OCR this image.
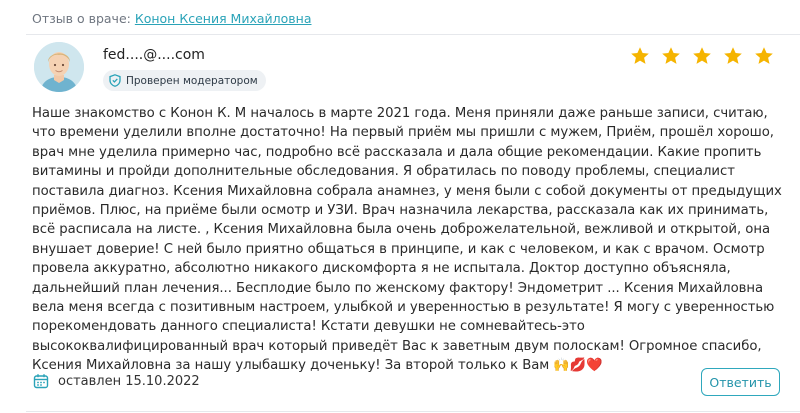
Отзыв о враче: Конон Ксения Михайловна
fed....@....com
Проверен модератором
Наше знакомство с Конон К. М началось в марте 2021 года. Меня приняли даже раньше записи, считаю, что времени уделили вполне достаточно! На первый приём мы пришли с мужем, Приём, прошёл хорошо, врач мне уделила примерно час, подробно всё рассказала и дала общие рекомендации. Какие пропить витамины и пройди дополнительные обследования. Я обратилась по поводу проблемы, специалист поставила диагноз. Ксения Михайловна собрала анамнез, у меня были с собой документы от предыдущих приёмов. Плюс, на приёме были осмотр и УЗИ. Врач назначила лекарства, рассказала как их принимать, всё расписала на листе. , Ксения Михайловна была очень доброжелательной, вежливой и открытой, она внушает доверие! С ней было приятно общаться в принципе, и как с человеком, и как с врачом. Осмотр провела аккуратно, абсолютно никакого дискомфорта я не испытала. Доктор доступно объясняла, дальнейший план лечения... Бесплодие было по женскому фактору! Эндометрит ... Ксения Михайловна вела меня всегда с позитивным настроем, улыбкой и уверенностью в результате! Я могу с уверенностью порекомендовать данного специалиста! Кстати девушки не сомневайтесь-это высококвалифицированный врач который приведёт Вас к заветным двум полоскам! Огромное спасибо, Ксения Михайловна за нашу улыбашку доченьку! За второй только к Вам 🙌💋❤️
оставлен 15.10.2022	Ответить
